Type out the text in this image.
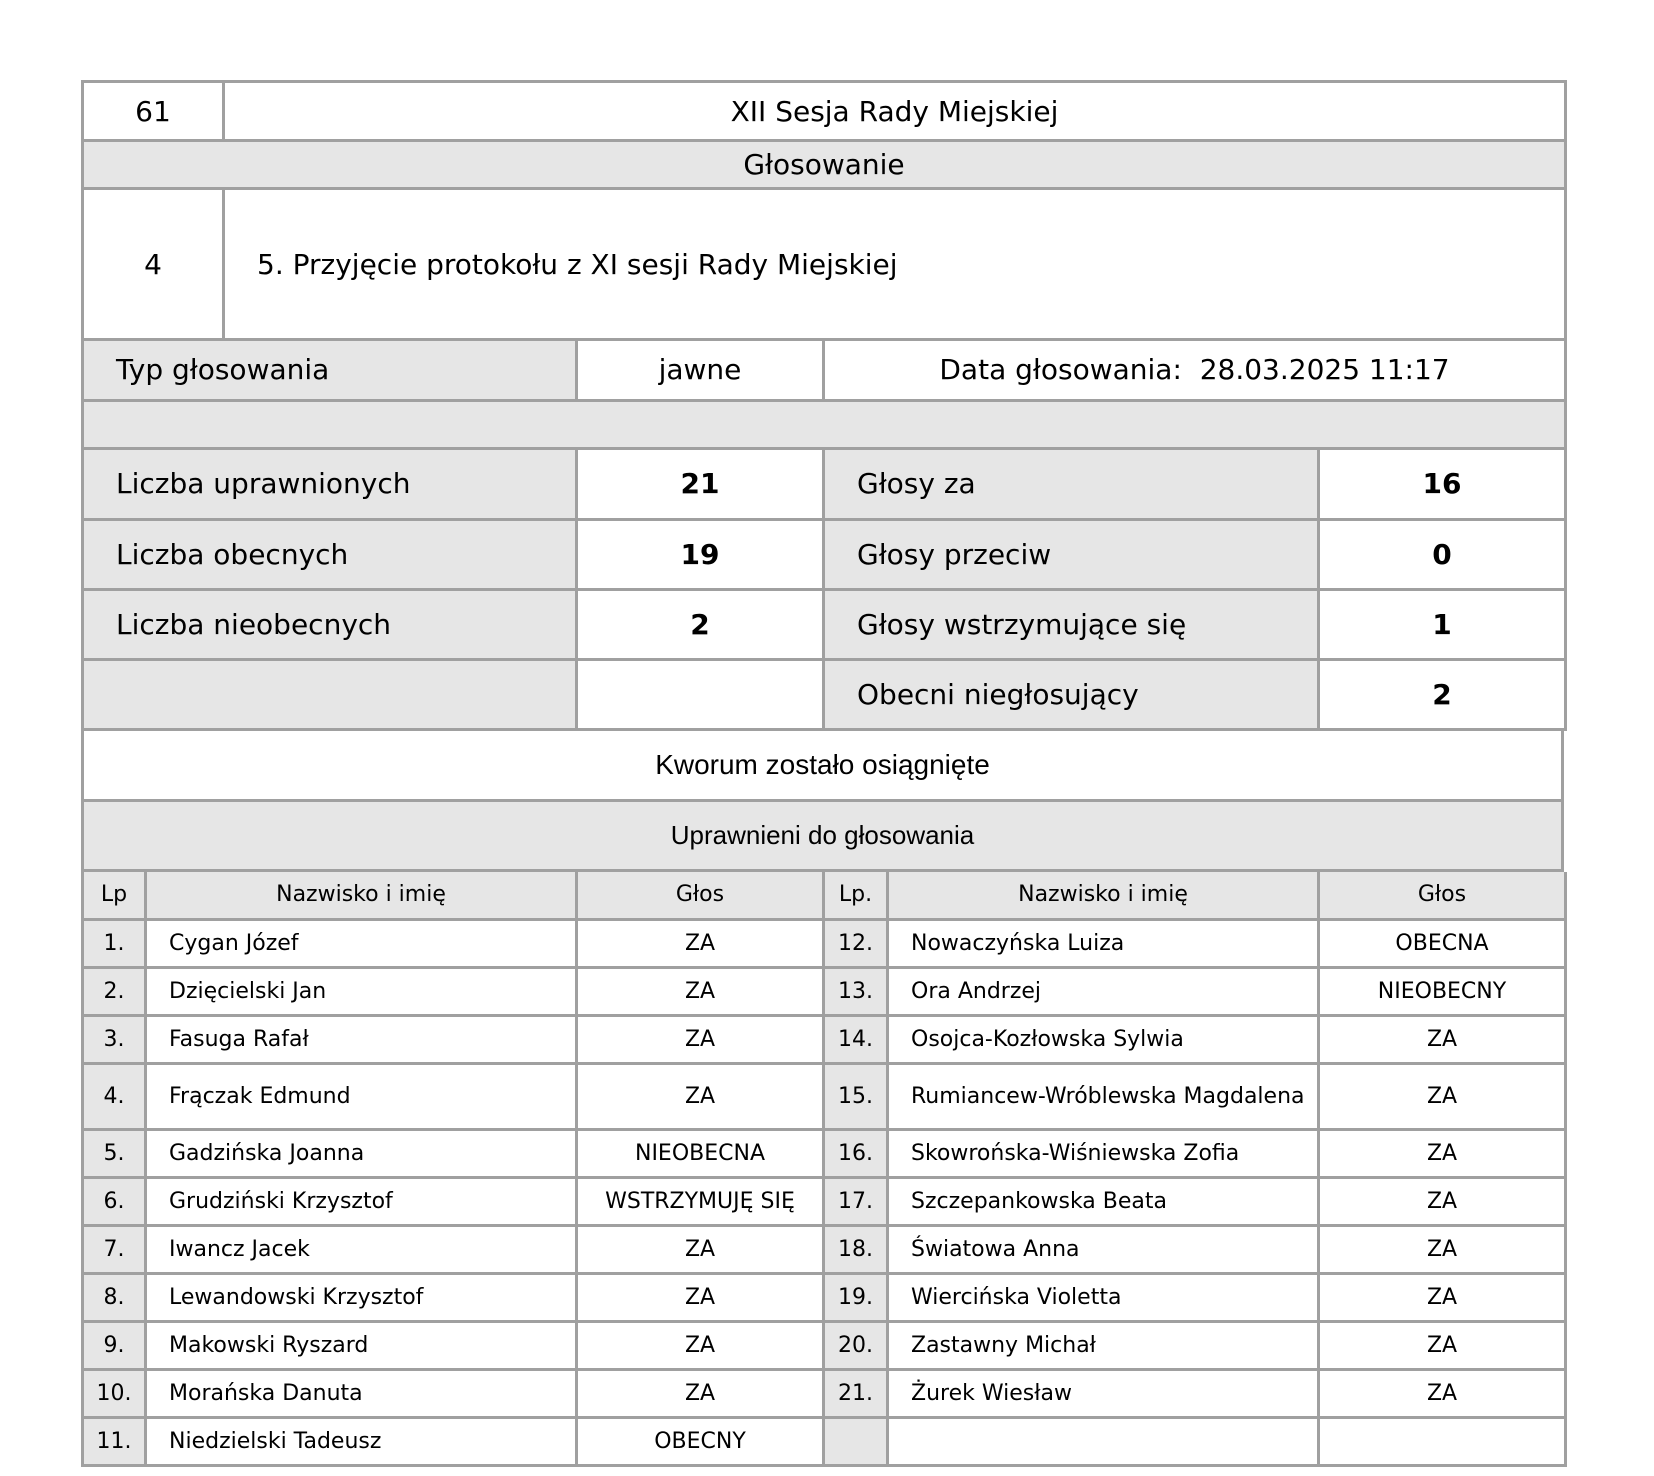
61	XII Sesja Rady Miejskiej
Głosowanie	
4	5. Przyjęcie protokołu z XI sesji Rady Miejskiej
Typ głosowania	jawne	Data głosowania: 28.03.2025 11:17

Liczba uprawnionych	21	Głosy za	16
Liczba obecnych	19	Głosy przeciw	0
Liczba nieobecnych	2	Głosy wstrzymujące się	1
		Obecni niegłosujący	2
Kworum zostało osiągnięte
Uprawnieni do głosowania
Lp	Nazwisko i imię	Głos	Lp.	Nazwisko i imię	Głos
1.	Cygan Józef	ZA	12.	Nowaczyńska Luiza	OBECNA
2.	Dzięcielski Jan	ZA	13.	Ora Andrzej	NIEOBECNY
3.	Fasuga Rafał	ZA	14.	Osojca-Kozłowska Sylwia	ZA
4.	Frączak Edmund	ZA	15.	Rumiancew-Wróblewska Magdalena	ZA
5.	Gadzińska Joanna	NIEOBECNA	16.	Skowrońska-Wiśniewska Zofia	ZA
6.	Grudziński Krzysztof	WSTRZYMUJĘ SIĘ	17.	Szczepankowska Beata	ZA
7.	Iwancz Jacek	ZA	18.	Światowa Anna	ZA
8.	Lewandowski Krzysztof	ZA	19.	Wiercińska Violetta	ZA
9.	Makowski Ryszard	ZA	20.	Zastawny Michał	ZA
10.	Morańska Danuta	ZA	21.	Żurek Wiesław	ZA
11.	Niedzielski Tadeusz	OBECNY			
